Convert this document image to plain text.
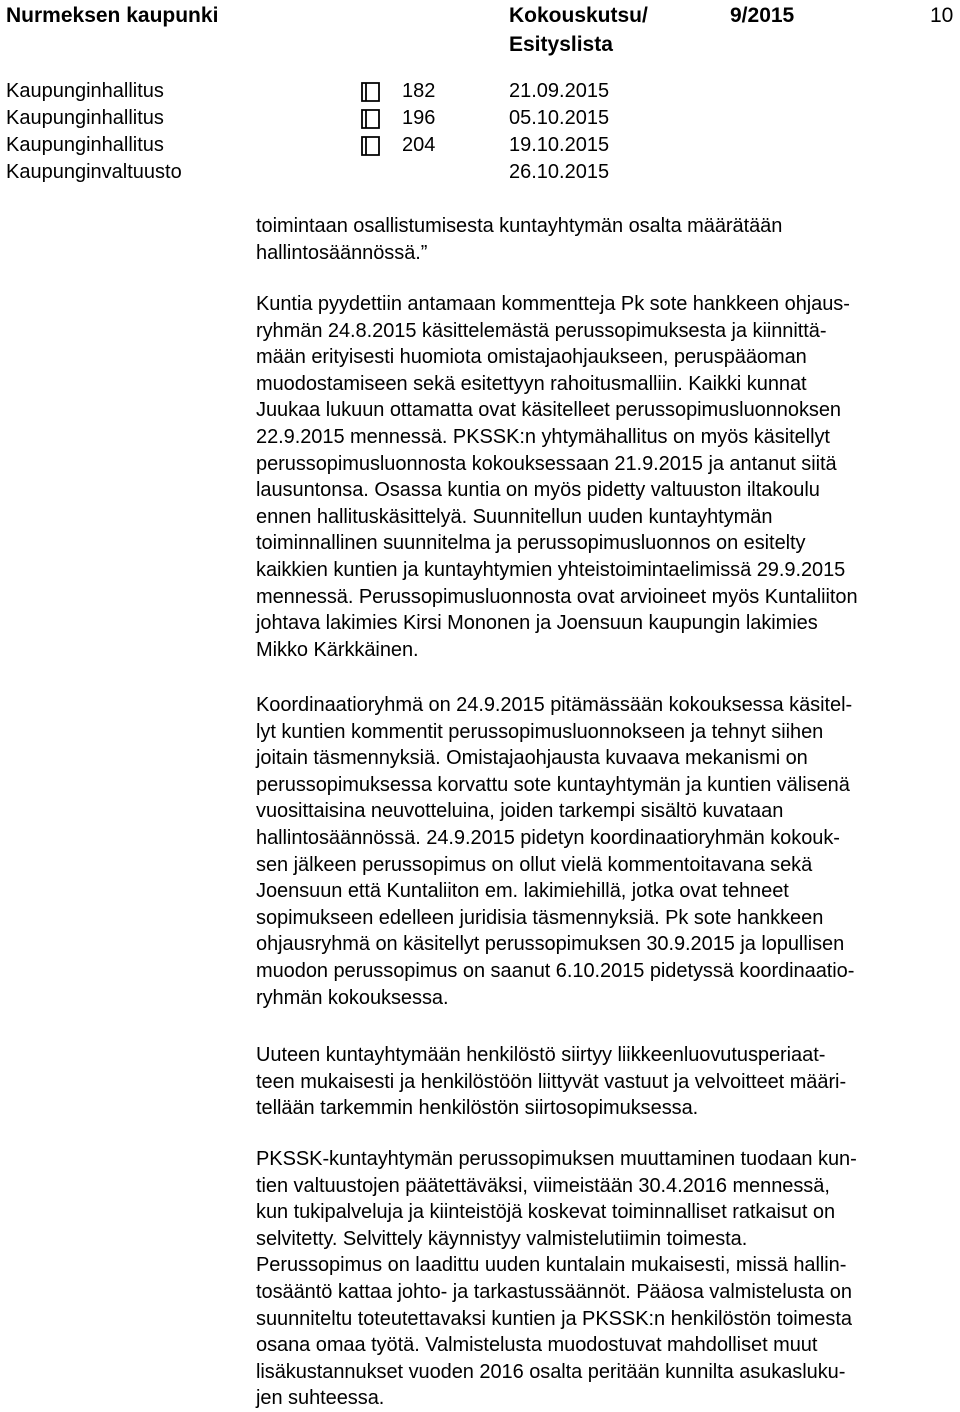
Nurmeksen kaupunki	Kokouskutsu/
Esityslista
9/2015	10
Kaupunginhallitus	182	21.09.2015
Kaupunginhallitus	196	05.10.2015
Kaupunginhallitus	204	19.10.2015
Kaupunginvaltuusto	26.10.2015
toimintaan osallistumisesta kuntayhtymän osalta määrätään
hallintosäännössä.”
Kuntia pyydettiin antamaan kommentteja Pk sote hankkeen ohjaus-
ryhmän 24.8.2015 käsittelemästä perussopimuksesta ja kiinnittä-
mään erityisesti huomiota omistajaohjaukseen, peruspääoman
muodostamiseen sekä esitettyyn rahoitusmalliin. Kaikki kunnat
Juukaa lukuun ottamatta ovat käsitelleet perussopimusluonnoksen
22.9.2015 mennessä. PKSSK:n yhtymähallitus on myös käsitellyt
perussopimusluonnosta kokouksessaan 21.9.2015 ja antanut siitä
lausuntonsa. Osassa kuntia on myös pidetty valtuuston iltakoulu
ennen hallituskäsittelyä. Suunnitellun uuden kuntayhtymän
toiminnallinen suunnitelma ja perussopimusluonnos on esitelty
kaikkien kuntien ja kuntayhtymien yhteistoimintaelimissä 29.9.2015
mennessä. Perussopimusluonnosta ovat arvioineet myös Kuntaliiton
johtava lakimies Kirsi Mononen ja Joensuun kaupungin lakimies
Mikko Kärkkäinen.
Koordinaatioryhmä on 24.9.2015 pitämässään kokouksessa käsitel-
lyt kuntien kommentit perussopimusluonnokseen ja tehnyt siihen
joitain täsmennyksiä. Omistajaohjausta kuvaava mekanismi on
perussopimuksessa korvattu sote kuntayhtymän ja kuntien välisenä
vuosittaisina neuvotteluina, joiden tarkempi sisältö kuvataan
hallintosäännössä. 24.9.2015 pidetyn koordinaatioryhmän kokouk-
sen jälkeen perussopimus on ollut vielä kommentoitavana sekä
Joensuun että Kuntaliiton em. lakimiehillä, jotka ovat tehneet
sopimukseen edelleen juridisia täsmennyksiä. Pk sote hankkeen
ohjausryhmä on käsitellyt perussopimuksen 30.9.2015 ja lopullisen
muodon perussopimus on saanut 6.10.2015 pidetyssä koordinaatio-
ryhmän kokouksessa.
Uuteen kuntayhtymään henkilöstö siirtyy liikkeenluovutusperiaat-
teen mukaisesti ja henkilöstöön liittyvät vastuut ja velvoitteet määri-
tellään tarkemmin henkilöstön siirtosopimuksessa.
PKSSK-kuntayhtymän perussopimuksen muuttaminen tuodaan kun-
tien valtuustojen päätettäväksi, viimeistään 30.4.2016 mennessä,
kun tukipalveluja ja kiinteistöjä koskevat toiminnalliset ratkaisut on
selvitetty. Selvittely käynnistyy valmistelutiimin toimesta.
Perussopimus on laadittu uuden kuntalain mukaisesti, missä hallin-
tosääntö kattaa johto- ja tarkastussäännöt. Pääosa valmistelusta on
suunniteltu toteutettavaksi kuntien ja PKSSK:n henkilöstön toimesta
osana omaa työtä. Valmistelusta muodostuvat mahdolliset muut
lisäkustannukset vuoden 2016 osalta peritään kunnilta asukasluku-
jen suhteessa.
